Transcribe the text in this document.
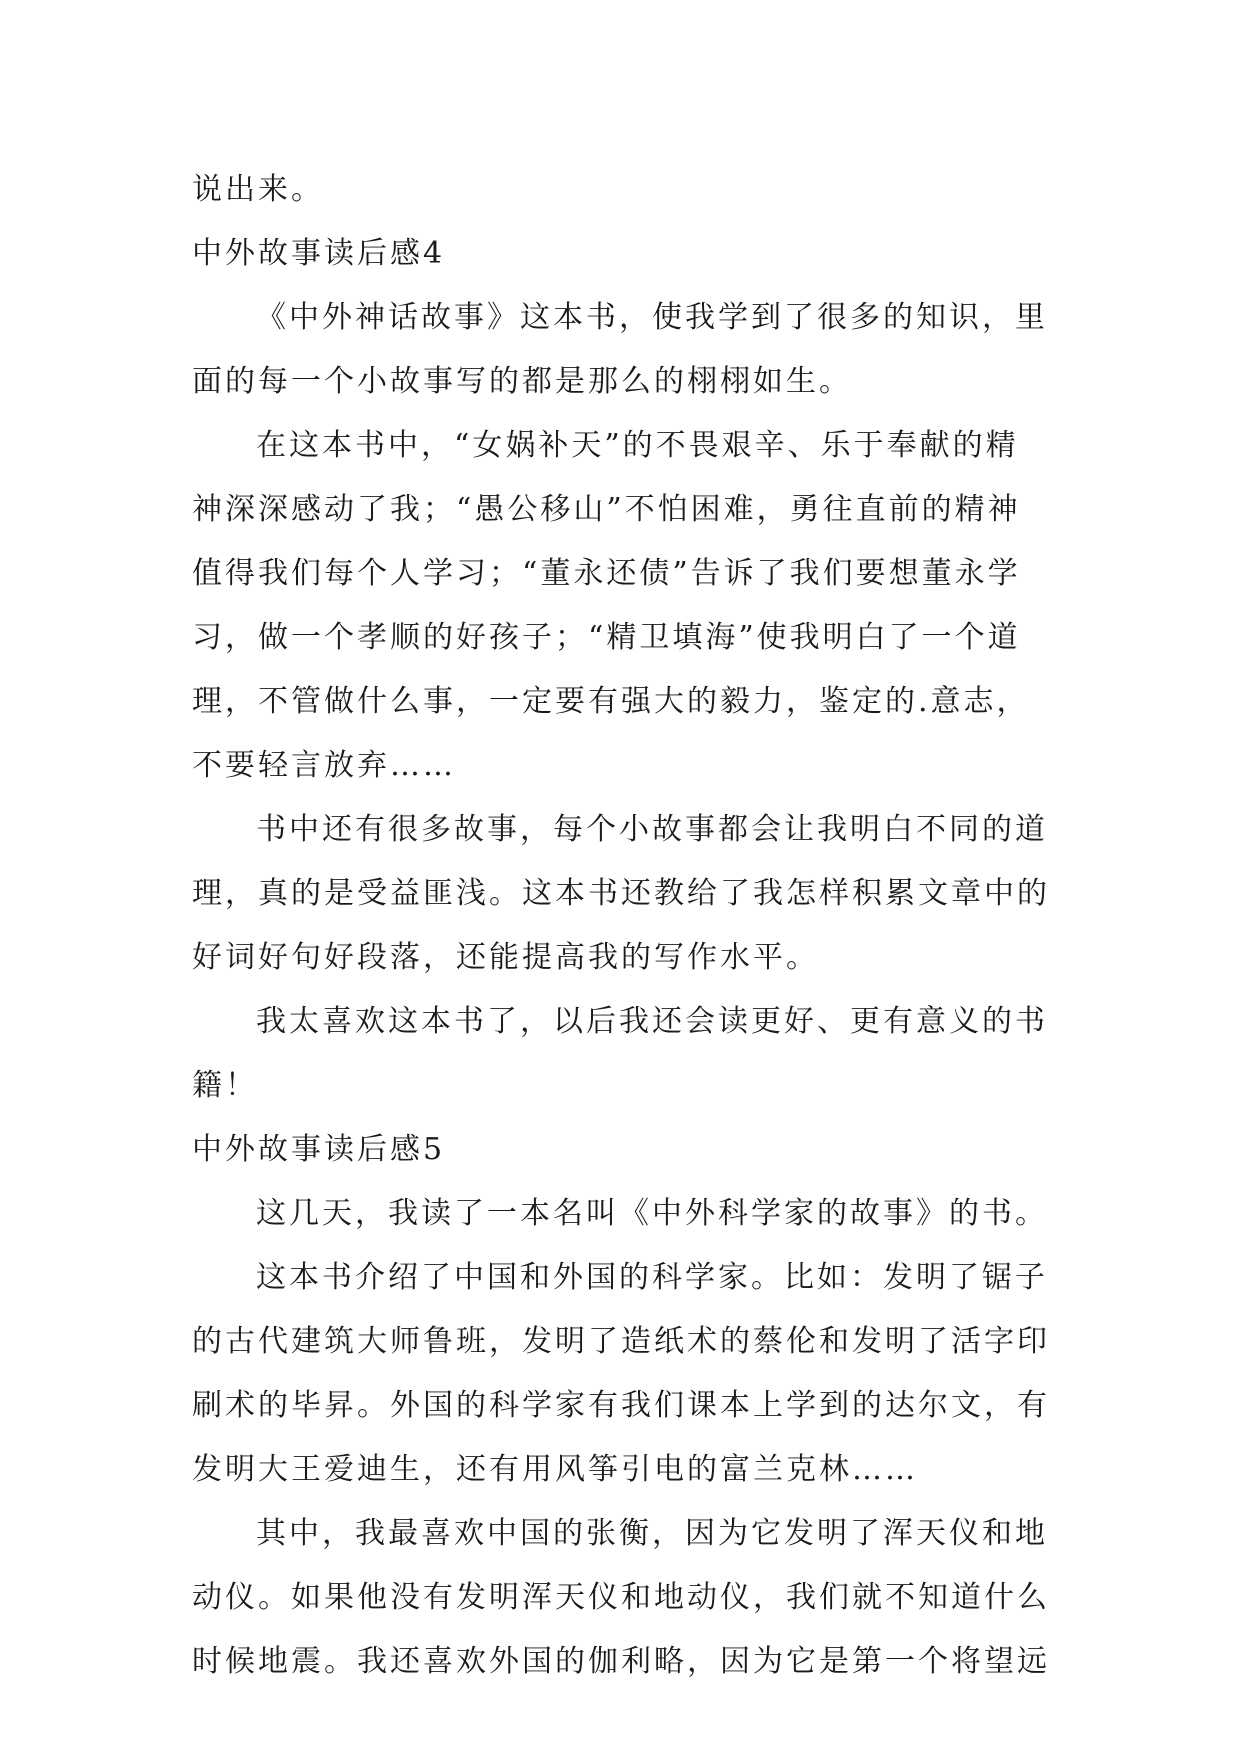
说出来。
中外故事读后感4
《中外神话故事》这本书，使我学到了很多的知识，里
面的每一个小故事写的都是那么的栩栩如生。
在这本书中，“女娲补天”的不畏艰辛、乐于奉献的精
神深深感动了我；“愚公移山”不怕困难，勇往直前的精神
值得我们每个人学习；“董永还债”告诉了我们要想董永学
习，做一个孝顺的好孩子；“精卫填海”使我明白了一个道
理，不管做什么事，一定要有强大的毅力，鉴定的.意志，
不要轻言放弃……
书中还有很多故事，每个小故事都会让我明白不同的道
理，真的是受益匪浅。这本书还教给了我怎样积累文章中的
好词好句好段落，还能提高我的写作水平。
我太喜欢这本书了，以后我还会读更好、更有意义的书
籍！
中外故事读后感5
这几天，我读了一本名叫《中外科学家的故事》的书。
这本书介绍了中国和外国的科学家。比如：发明了锯子
的古代建筑大师鲁班，发明了造纸术的蔡伦和发明了活字印
刷术的毕昇。外国的科学家有我们课本上学到的达尔文，有
发明大王爱迪生，还有用风筝引电的富兰克林……
其中，我最喜欢中国的张衡，因为它发明了浑天仪和地
动仪。如果他没有发明浑天仪和地动仪，我们就不知道什么
时候地震。我还喜欢外国的伽利略，因为它是第一个将望远
